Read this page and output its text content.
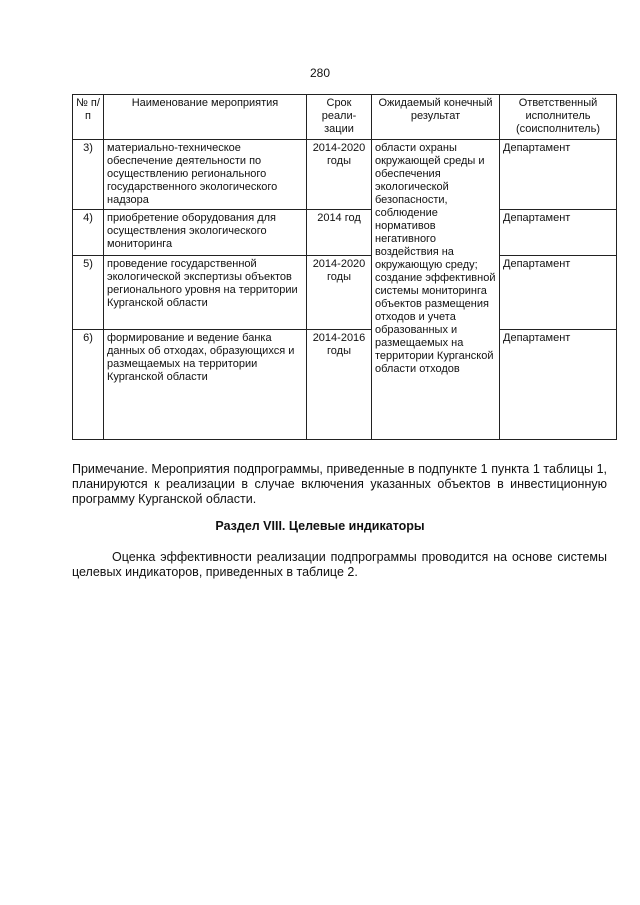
280
№ п/п	Наименование мероприятия	Срок реали-зации	Ожидаемый конечный результат	Ответственный исполнитель (соисполнитель)
3)	материально-техническое обеспечение деятельности по осуществлению регионального государственного экологического надзора	2014-2020 годы	области охраны окружающей среды и обеспечения экологической безопасности, соблюдение нормативов негативного воздействия на окружающую среду; создание эффективной системы мониторинга объектов размещения отходов и учета образованных и размещаемых на территории Курганской области отходов	Департамент
4)	приобретение оборудования для осуществления экологического мониторинга	2014 год		Департамент
5)	проведение государственной экологической экспертизы объектов регионального уровня на территории Курганской области	2014-2020 годы		Департамент
6)	формирование и ведение банка данных об отходах, образующихся и размещаемых на территории Курганской области	2014-2016 годы		Департамент
Примечание. Мероприятия подпрограммы, приведенные в подпункте 1 пункта 1 таблицы 1, планируются к реализации в случае включения указанных объектов в инвестиционную программу Курганской области.
Раздел VIII. Целевые индикаторы
Оценка эффективности реализации подпрограммы проводится на основе системы целевых индикаторов, приведенных в таблице 2.
